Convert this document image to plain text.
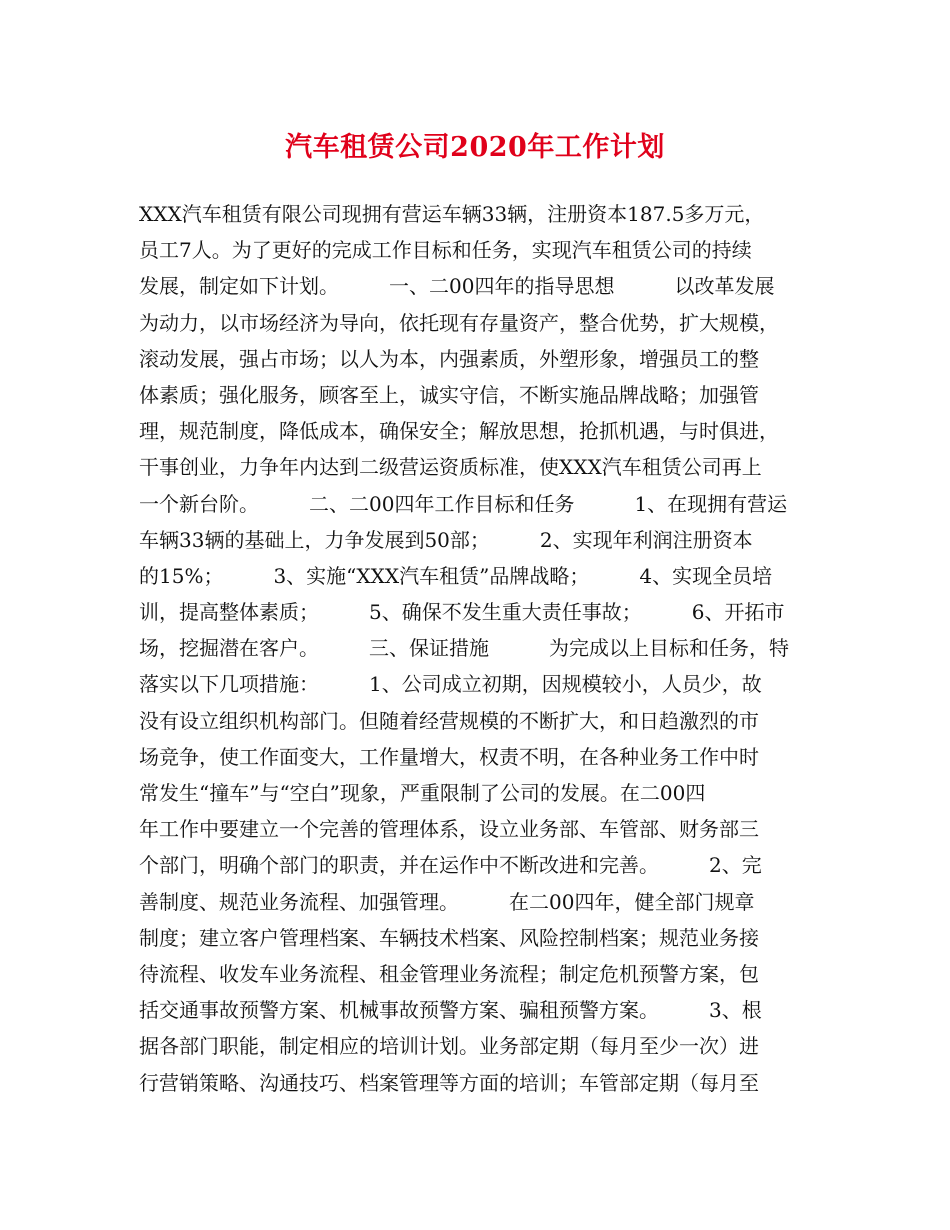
汽车租赁公司2020年工作计划
XXX汽车租赁有限公司现拥有营运车辆33辆，注册资本187.5多万元，
员工7人。为了更好的完成工作目标和任务，实现汽车租赁公司的持续
发展，制定如下计划。　　　一、二00四年的指导思想　　　以改革发展
为动力，以市场经济为导向，依托现有存量资产，整合优势，扩大规模，
滚动发展，强占市场；以人为本，内强素质，外塑形象，增强员工的整
体素质；强化服务，顾客至上，诚实守信，不断实施品牌战略；加强管
理，规范制度，降低成本，确保安全；解放思想，抢抓机遇，与时俱进，
干事创业，力争年内达到二级营运资质标准，使XXX汽车租赁公司再上
一个新台阶。　　　二、二00四年工作目标和任务　　　1、在现拥有营运
车辆33辆的基础上，力争发展到50部；　　　2、实现年利润注册资本
的15%；　　　3、实施“XXX汽车租赁”品牌战略；　　　4、实现全员培
训，提高整体素质；　　　5、确保不发生重大责任事故；　　　6、开拓市
场，挖掘潜在客户。　　　三、保证措施　　　为完成以上目标和任务，特
落实以下几项措施：　　　1、公司成立初期，因规模较小，人员少，故
没有设立组织机构部门。但随着经营规模的不断扩大，和日趋激烈的市
场竞争，使工作面变大，工作量增大，权责不明，在各种业务工作中时
常发生“撞车”与“空白”现象，严重限制了公司的发展。在二00四
年工作中要建立一个完善的管理体系，设立业务部、车管部、财务部三
个部门，明确个部门的职责，并在运作中不断改进和完善。　　　2、完
善制度、规范业务流程、加强管理。　　　在二00四年，健全部门规章
制度；建立客户管理档案、车辆技术档案、风险控制档案；规范业务接
待流程、收发车业务流程、租金管理业务流程；制定危机预警方案，包
括交通事故预警方案、机械事故预警方案、骗租预警方案。　　　3、根
据各部门职能，制定相应的培训计划。业务部定期（每月至少一次）进
行营销策略、沟通技巧、档案管理等方面的培训；车管部定期（每月至
